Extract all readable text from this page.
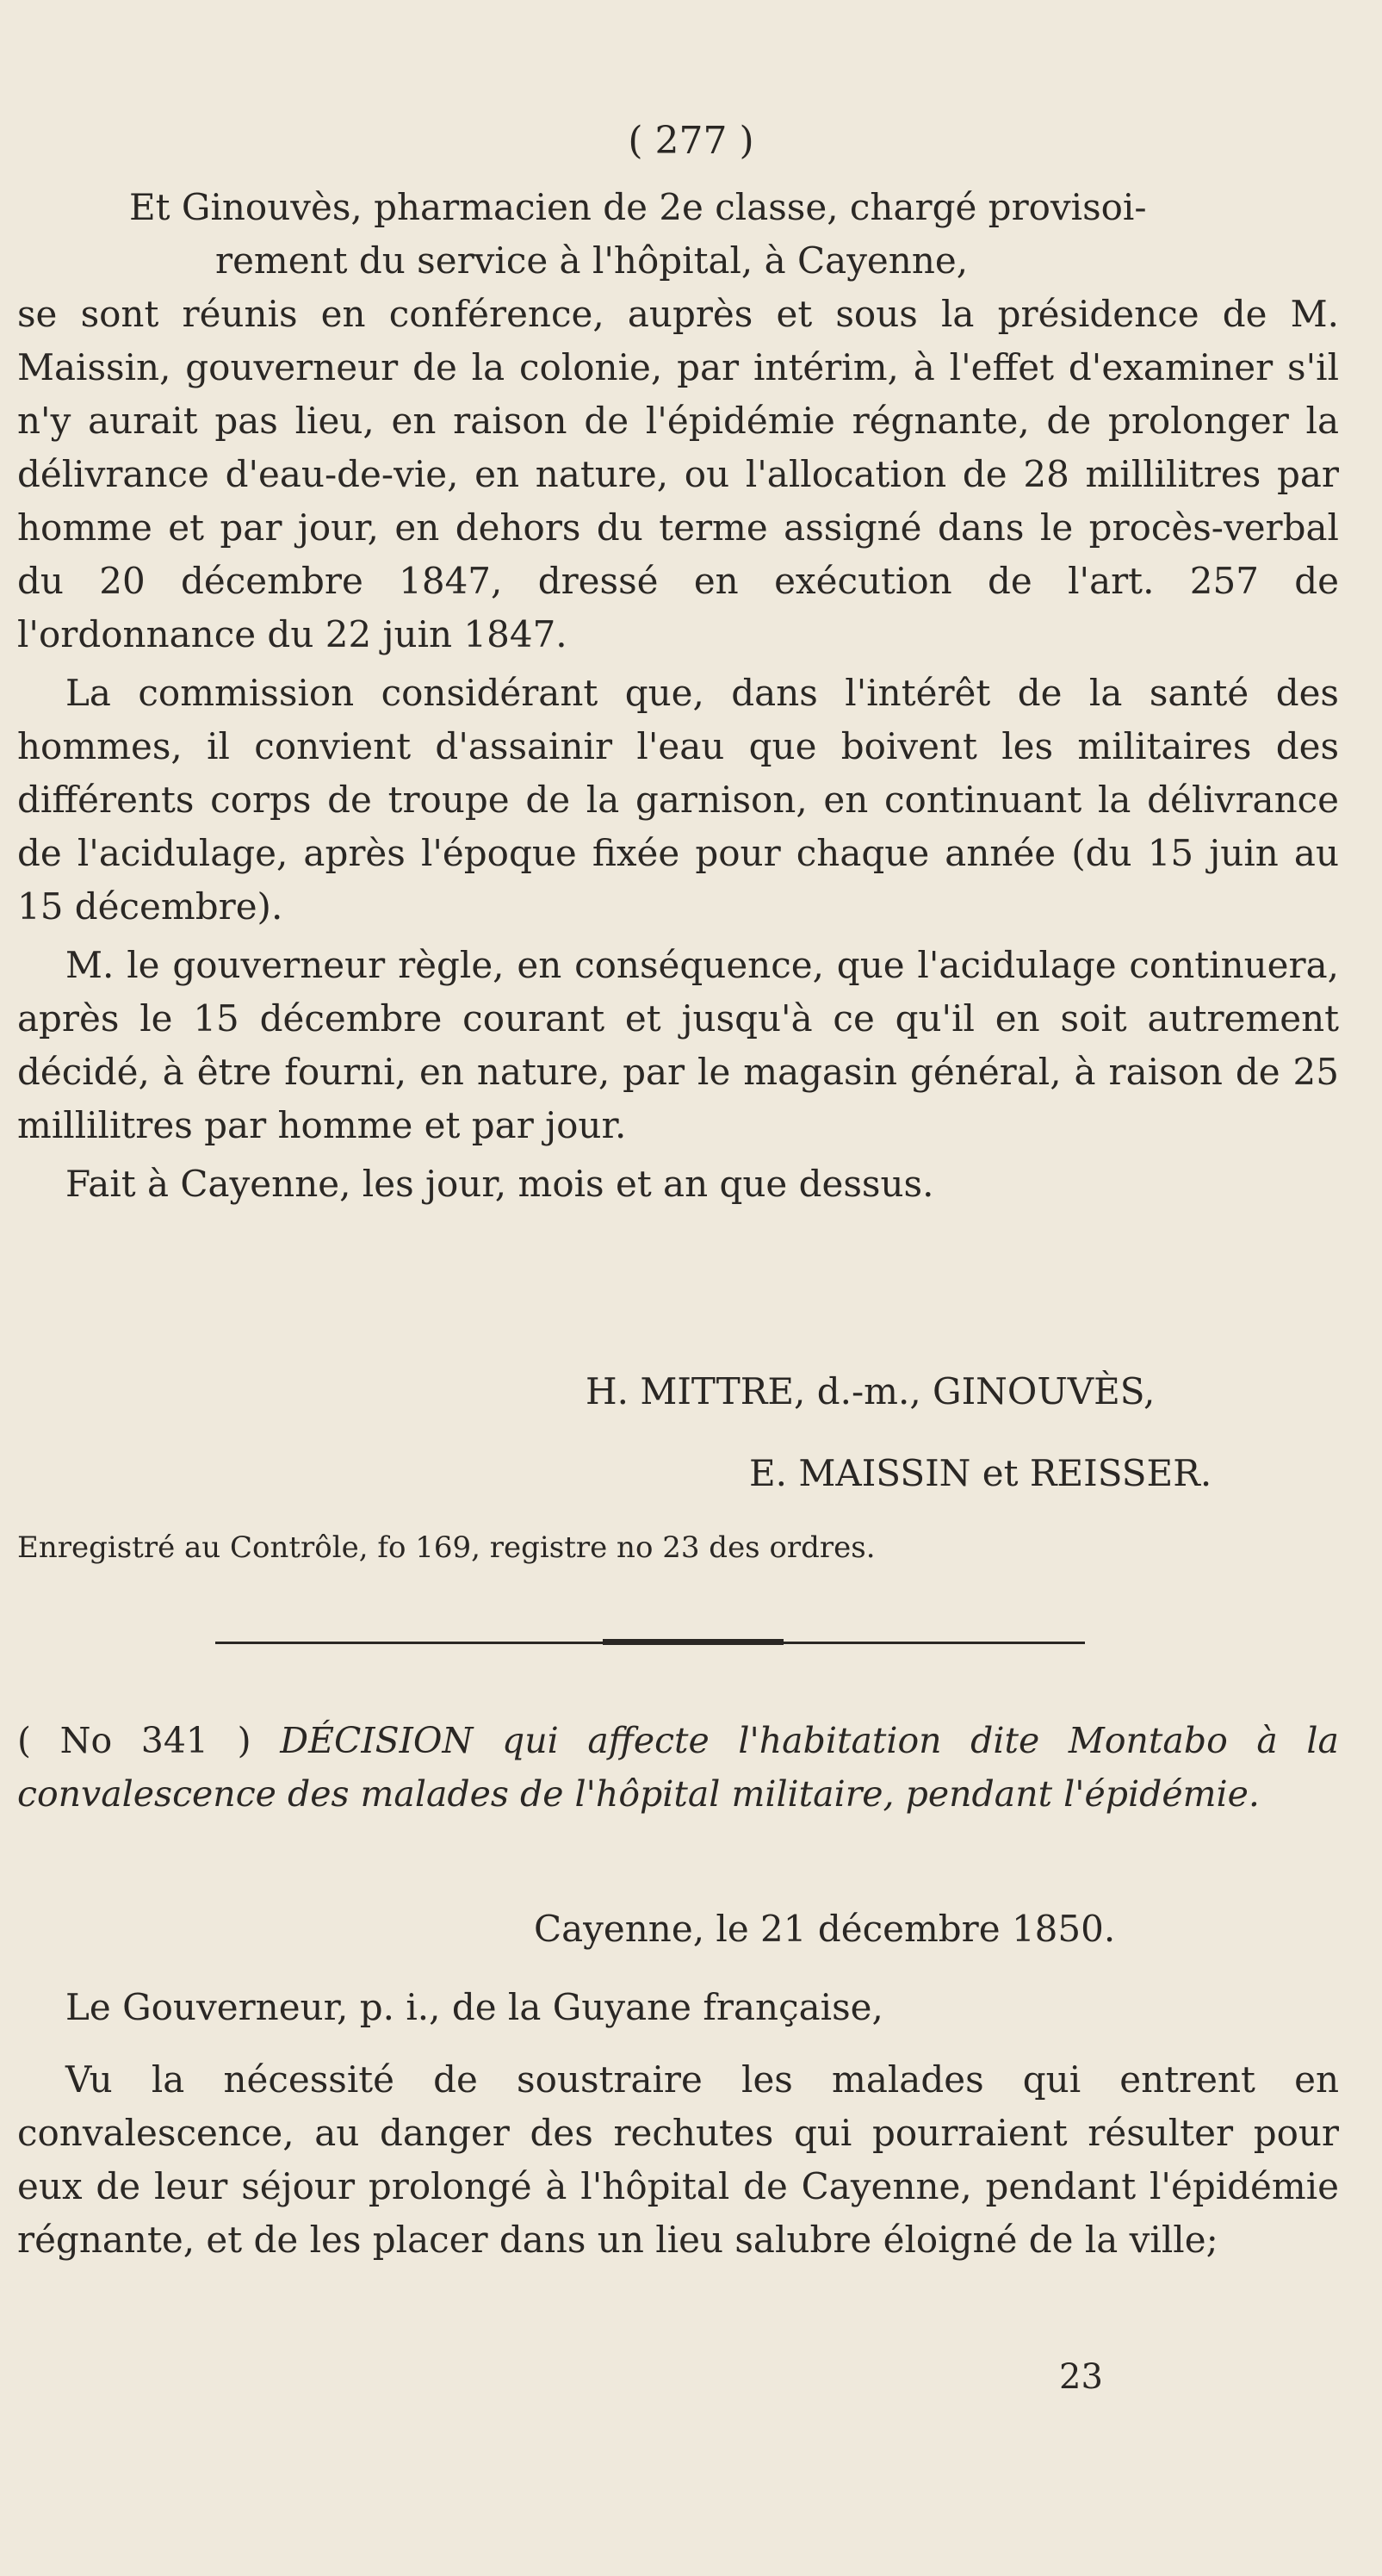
( 277 )

Et Ginouvès, pharmacien de 2e classe, chargé provisoi-

rement du service à l'hôpital, à Cayenne,

se sont réunis en conférence, auprès et sous la présidence de M. Maissin, gouverneur de la colonie, par intérim, à l'effet d'examiner s'il n'y aurait pas lieu, en raison de l'épidémie régnante, de prolonger la délivrance d'eau-de-vie, en nature, ou l'allocation de 28 millilitres par homme et par jour, en dehors du terme assigné dans le procès-verbal du 20 décembre 1847, dressé en exécution de l'art. 257 de l'ordonnance du 22 juin 1847.

La commission considérant que, dans l'intérêt de la santé des hommes, il convient d'assainir l'eau que boivent les militaires des différents corps de troupe de la garnison, en continuant la délivrance de l'acidulage, après l'époque fixée pour chaque année (du 15 juin au 15 décembre).

M. le gouverneur règle, en conséquence, que l'acidulage continuera, après le 15 décembre courant et jusqu'à ce qu'il en soit autrement décidé, à être fourni, en nature, par le magasin général, à raison de 25 millilitres par homme et par jour.

Fait à Cayenne, les jour, mois et an que dessus.

H. MITTRE, d.-m., GINOUVÈS,
E. MAISSIN et REISSER.
Enregistré au Contrôle, fo 169, registre no 23 des ordres.

( No 341 ) DÉCISION qui affecte l'habitation dite Montabo à la convalescence des malades de l'hôpital militaire, pendant l'épidémie.

Cayenne, le 21 décembre 1850.

Le Gouverneur, p. i., de la Guyane française,

Vu la nécessité de soustraire les malades qui entrent en convalescence, au danger des rechutes qui pourraient résulter pour eux de leur séjour prolongé à l'hôpital de Cayenne, pendant l'épidémie régnante, et de les placer dans un lieu salubre éloigné de la ville;

23
